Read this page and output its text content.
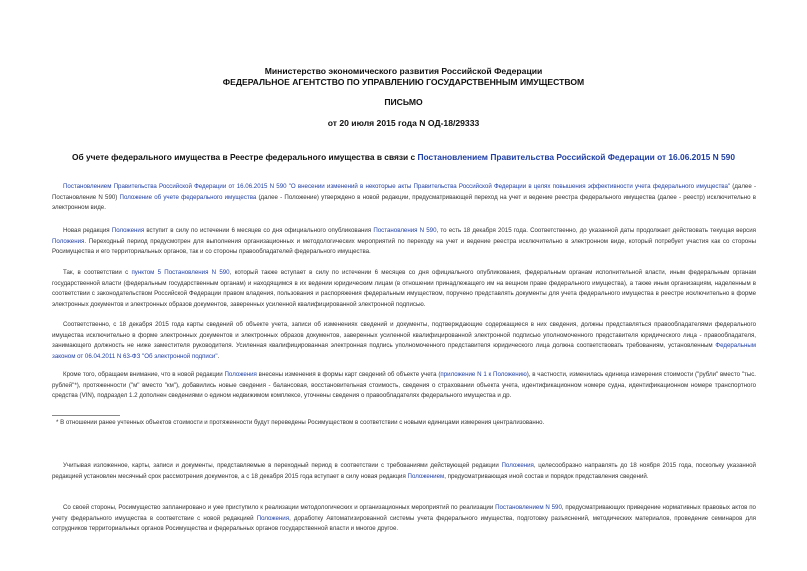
Министерство экономического развития Российской Федерации
ФЕДЕРАЛЬНОЕ АГЕНТСТВО ПО УПРАВЛЕНИЮ ГОСУДАРСТВЕННЫМ ИМУЩЕСТВОМ
ПИСЬМО
от 20 июля 2015 года N ОД-18/29333
Об учете федерального имущества в Реестре федерального имущества в связи с Постановлением Правительства Российской Федерации от 16.06.2015 N 590
Постановлением Правительства Российской Федерации от 16.06.2015 N 590 "О внесении изменений в некоторые акты Правительства Российской Федерации в целях повышения эффективности учета федерального имущества" (далее - Постановление N 590) Положение об учете федерального имущества (далее - Положение) утверждено в новой редакции, предусматривающей переход на учет и ведение реестра федерального имущества (далее - реестр) исключительно в электронном виде.
Новая редакция Положения вступит в силу по истечении 6 месяцев со дня официального опубликования Постановления N 590, то есть 18 декабря 2015 года. Соответственно, до указанной даты продолжает действовать текущая версия Положения. Переходный период предусмотрен для выполнения организационных и методологических мероприятий по переходу на учет и ведение реестра исключительно в электронном виде, который потребует участия как со стороны Росимущества и его территориальных органов, так и со стороны правообладателей федерального имущества.
Так, в соответствии с пунктом 5 Постановления N 590, который также вступает в силу по истечении 6 месяцев со дня официального опубликования, федеральным органам исполнительной власти, иным федеральным органам государственной власти (федеральным государственным органам) и находящимся в их ведении юридическим лицам (в отношении принадлежащего им на вещном праве федерального имущества), а также иным организациям, наделенным в соответствии с законодательством Российской Федерации правом владения, пользования и распоряжения федеральным имуществом, поручено представлять документы для учета федерального имущества в реестре исключительно в форме электронных документов и электронных образов документов, заверенных усиленной квалифицированной электронной подписью.
Соответственно, с 18 декабря 2015 года карты сведений об объекте учета, записи об изменениях сведений и документы, подтверждающие содержащиеся в них сведения, должны представляться правообладателями федерального имущества исключительно в форме электронных документов и электронных образов документов, заверенных усиленной квалифицированной электронной подписью уполномоченного представителя юридического лица - правообладателя, занимающего должность не ниже заместителя руководителя. Усиленная квалифицированная электронная подпись уполномоченного представителя юридического лица должна соответствовать требованиям, установленным Федеральным законом от 06.04.2011 N 63-ФЗ "Об электронной подписи".
Кроме того, обращаем внимание, что в новой редакции Положения внесены изменения в формы карт сведений об объекте учета (приложение N 1 к Положению), в частности, изменилась единица измерения стоимости ("рубли" вместо "тыс. рублей"*), протяженности ("м" вместо "км"), добавились новые сведения - балансовая, восстановительная стоимость, сведения о страховании объекта учета, идентификационном номере судна, идентификационном номере транспортного средства (VIN), подраздел 1.2 дополнен сведениями о едином недвижимом комплексе, уточнены сведения о правообладателях федерального имущества и др.
* В отношении ранее учтенных объектов стоимости и протяженности будут переведены Росимуществом в соответствии с новыми единицами измерения централизованно.
Учитывая изложенное, карты, записи и документы, представляемые в переходный период в соответствии с требованиями действующей редакции Положения, целесообразно направлять до 18 ноября 2015 года, поскольку указанной редакцией установлен месячный срок рассмотрения документов, а с 18 декабря 2015 года вступает в силу новая редакция Положением, предусматривающая иной состав и порядок представления сведений.
Со своей стороны, Росимущество запланировано и уже приступило к реализации методологических и организационных мероприятий по реализации Постановлением N 590, предусматривающих приведение нормативных правовых актов по учету федерального имущества в соответствие с новой редакцией Положения, доработку Автоматизированной системы учета федерального имущества, подготовку разъяснений, методических материалов, проведение семинаров для сотрудников территориальных органов Росимущества и федеральных органов государственной власти и многое другое.
